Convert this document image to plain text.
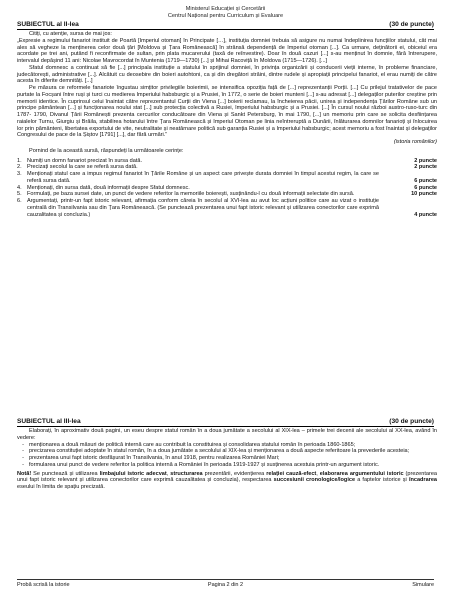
Ministerul Educației și Cercetării
Centrul Național pentru Curriculum și Evaluare
SUBIECTUL al II-lea	(30 de puncte)

Citiți, cu atenție, sursa de mai jos:

„Expresie a regimului fanariot instituit de Poartă [Imperiul otoman] în Principate […], instituția domniei trebuia să asigure nu numai îndeplinirea funcțiilor statului, cât mai ales să vegheze la menținerea celor două țări [Moldova și Țara Românească] în strânsă dependență de Imperiul otoman [...]. Ca urmare, deținătorii ei, obiceiul era acordate pe trei ani, putând fi reconfirmate de sultan, prin plata mucarerului (taxă de reînvestire). Doar în două cazuri [...] s-au menținut în domnie, fără întrerupere, intervalul depășind 11 ani: Nicolae Mavrocordat în Muntenia (1719—1730) [...] și Mihai Racoviță în Moldova (1715—1726). [...]

Sfatul domnesc a continuat să fie [...] principala instituție a statului în sprijinul domniei, în privința organizării și conducerii vieții interne, în probleme financiare, judecătorești, administrative [...]. Alcătuit cu deosebire din boieri autohtoni, ca și din dregători străini, dintre rudele și apropiații principelui fanariot, el erau numiți de către acesta în diferite demnități. [...]

Pe măsura ce reformele fanariote îngustau simțitor privilegiile boierimii, se intensifica opoziția față de [...] reprezentanții Porții. [...] Cu prilejul tratativelor de pace purtate la Focșani între ruși și turci cu medierea Imperiului habsburgic și a Prusiei, în 1772, o serie de boieri munteni [...] s-au adresat [...] delegaților puterilor creștine prin memorii identice. În cuprinsul celui înaintat către reprezentantul Curții din Viena [...] boierii reclamau, la încheierea păcii, unirea și independența Țărilor Române sub un principe pământean [...] și funcționarea noului stat [...] sub protecția colectivă a Rusiei, Imperiului habsburgic și a Prusiei. [...] În cursul noului război austro-ruso-turc din 1787- 1790, Divanul Țării Românești prezenta cercurilor conducătoare din Viena și Sankt Petersburg, în mai 1790, [...] un memoriu prin care se solicita desființarea raialelor Turnu, Giurgiu și Brăila, stabilirea hotarului între Țara Românească și Imperiul Otoman pe linia neîntreruptă a Dunării, înlăturarea domnilor fanarioți și înlocuirea lor prin pământeni, libertatea exportului de vite, neutralitate și neatârnare politică sub garanția Rusiei și a Imperiului habsburgic; acest memoriu a fost înaintat și delegaților Congresului de pace de la Șiștov [1791] [...], dar fără urmări.”

(istoria românilor)

Pornind de la această sursă, răspundeți la următoarele cerințe:

1. Numiți un domn fanariot precizat în sursa dată.	2 puncte
2. Precizați secolul la care se referă sursa dată.	2 puncte
3. Menționați statul care a impus regimul fanariot în Țările Române și un aspect care privește durata domniei în timpul acestui regim, la care se referă sursa dată.	6 puncte
4. Menționați, din sursa dată, două informații despre Sfatul domnesc.	6 puncte
5. Formulați, pe baza sursei date, un punct de vedere referitor la memoriile boierești, susținându-l cu două informații selectate din sursă.	10 puncte
6. Argumentați, printr-un fapt istoric relevant, afirmația conform căreia în secolul al XVI-lea au avut loc acțiuni politice care au vizat o instituție centrală din Transilvania sau din Țara Românească. (Se punctează prezentarea unui fapt istoric relevant și utilizarea conectorilor care exprimă cauzalitatea și concluzia.)	4 puncte
SUBIECTUL al III-lea	(30 de puncte)

Elaborați, în aproximativ două pagini, un eseu despre statul român în a doua jumătate a secolului al XIX-lea – primele trei decenii ale secolului al XX-lea, având în vedere:

- menționarea a două măsuri de politică internă care au contribuit la constituirea și consolidarea statului român în perioada 1860-1865;
- precizarea constituției adoptate în statul român, în a doua jumătate a secolului al XIX-lea și menționarea a două aspecte referitoare la prevederile acesteia;
- prezentarea unui fapt istoric desfășurat în Transilvania, în anul 1918, pentru realizarea României Mari;
- formularea unui punct de vedere referitor la politica internă a României în perioada 1919-1927 și susținerea acestuia printr-un argument istoric.

Notă! Se punctează și utilizarea limbajului istoric adecvat, structurarea prezentării, evidențierea relației cauză-efect, elaborarea argumentului istoric (prezentarea unui fapt istoric relevant și utilizarea conectorilor care exprimă cauzalitatea și concluzia), respectarea succesiunii cronologice/logice a faptelor istorice și încadrarea eseului în limita de spațiu precizată.

Probă scrisă la istorie	Pagina 2 din 2	Simulare
